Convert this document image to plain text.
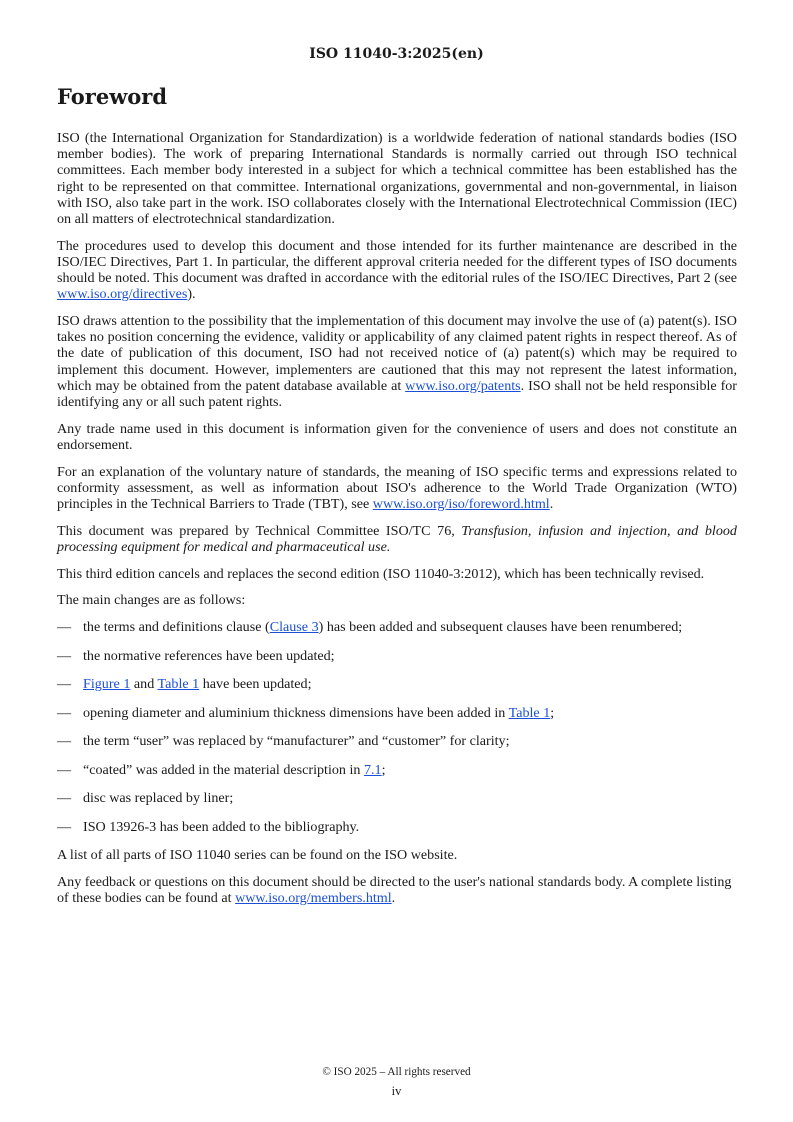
ISO 11040-3:2025(en)
Foreword

ISO (the International Organization for Standardization) is a worldwide federation of national standards bodies (ISO member bodies). The work of preparing International Standards is normally carried out through ISO technical committees. Each member body interested in a subject for which a technical committee has been established has the right to be represented on that committee. International organizations, governmental and non-governmental, in liaison with ISO, also take part in the work. ISO collaborates closely with the International Electrotechnical Commission (IEC) on all matters of electrotechnical standardization.

The procedures used to develop this document and those intended for its further maintenance are described in the ISO/IEC Directives, Part 1. In particular, the different approval criteria needed for the different types of ISO documents should be noted. This document was drafted in accordance with the editorial rules of the ISO/IEC Directives, Part 2 (see www.iso.org/directives).

ISO draws attention to the possibility that the implementation of this document may involve the use of (a) patent(s). ISO takes no position concerning the evidence, validity or applicability of any claimed patent rights in respect thereof. As of the date of publication of this document, ISO had not received notice of (a) patent(s) which may be required to implement this document. However, implementers are cautioned that this may not represent the latest information, which may be obtained from the patent database available at www.iso.org/patents. ISO shall not be held responsible for identifying any or all such patent rights.

Any trade name used in this document is information given for the convenience of users and does not constitute an endorsement.

For an explanation of the voluntary nature of standards, the meaning of ISO specific terms and expressions related to conformity assessment, as well as information about ISO's adherence to the World Trade Organization (WTO) principles in the Technical Barriers to Trade (TBT), see www.iso.org/iso/foreword.html.

This document was prepared by Technical Committee ISO/TC 76, Transfusion, infusion and injection, and blood processing equipment for medical and pharmaceutical use.

This third edition cancels and replaces the second edition (ISO 11040-3:2012), which has been technically revised.

The main changes are as follows:

— the terms and definitions clause (Clause 3) has been added and subsequent clauses have been renumbered;
— the normative references have been updated;
— Figure 1 and Table 1 have been updated;
— opening diameter and aluminium thickness dimensions have been added in Table 1;
— the term “user” was replaced by “manufacturer” and “customer” for clarity;
— “coated” was added in the material description in 7.1;
— disc was replaced by liner;
— ISO 13926-3 has been added to the bibliography.

A list of all parts of ISO 11040 series can be found on the ISO website.

Any feedback or questions on this document should be directed to the user's national standards body. A complete listing of these bodies can be found at www.iso.org/members.html.

© ISO 2025 – All rights reserved
iv
